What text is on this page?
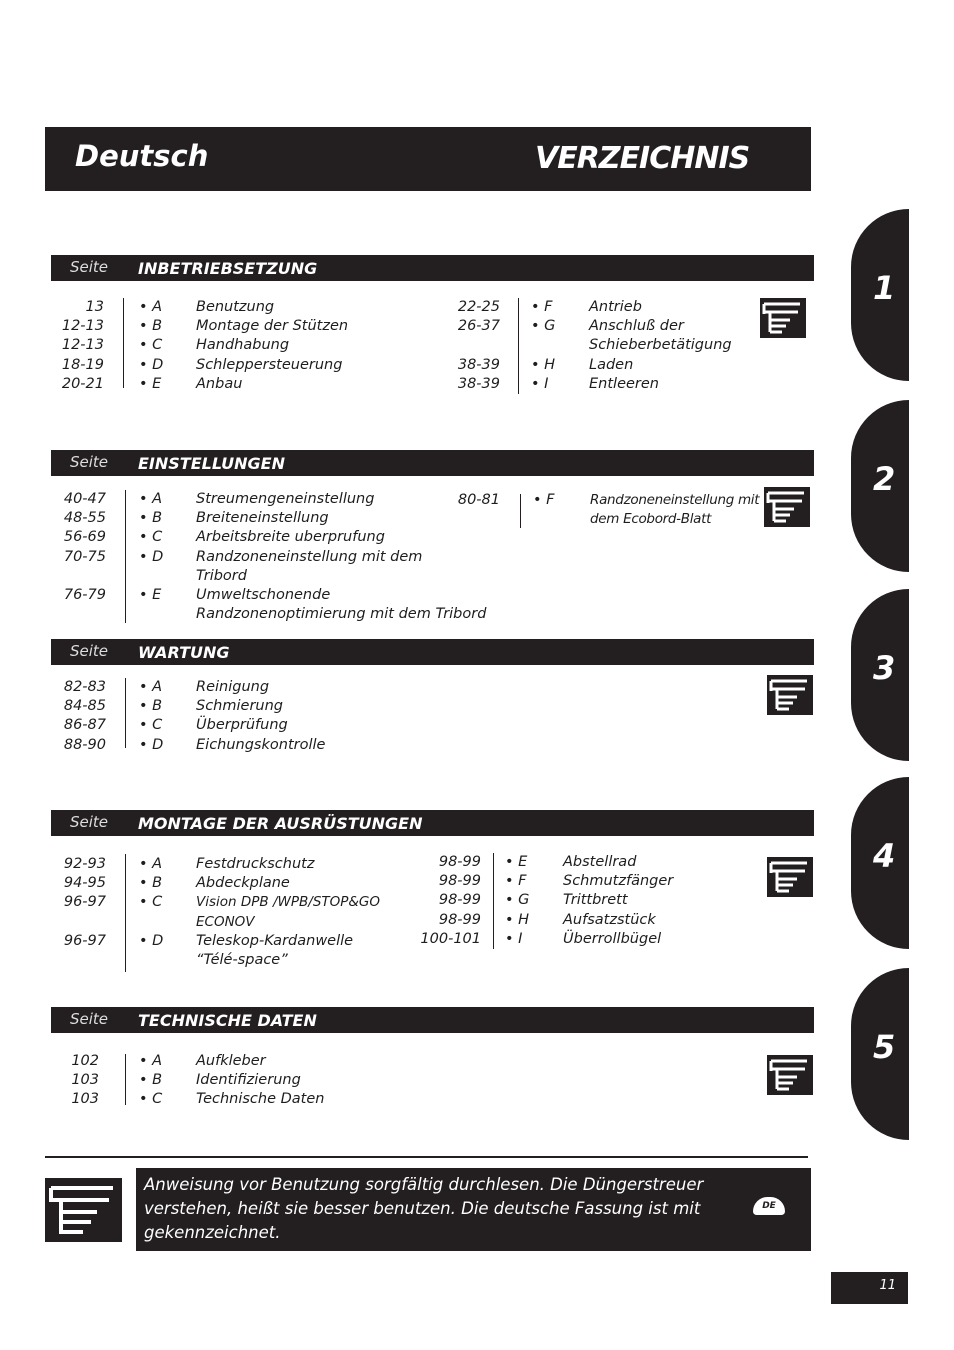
Deutsch	VERZEICHNIS
1
2
3
4
5
Seite INBETRIEBSETZUNG
Seite EINSTELLUNGEN
Seite WARTUNG
Seite MONTAGE DER AUSRÜSTUNGEN
Seite TECHNISCHE DATEN
13 • A Benutzung
12-13 • B Montage der Stützen
12-13 • C Handhabung
18-19 • D Schleppersteuerung
20-21 • E Anbau
22-25 • F	Antrieb
26-37 • G Anschluß der
Schieberbetätigung
38-39 • H Laden
38-39 • I	Entleeren
40-47 • A Streumengeneinstellung
48-55 • B Breiteneinstellung
56-69 • C Arbeitsbreite uberprufung
70-75 • D Randzoneneinstellung mit dem
Tribord
76-79 • E Umweltschonende
Randzonenoptimierung mit dem Tribord
80-81 • F	Randzoneneinstellung mit
dem Ecobord-Blatt
82-83 • A Reinigung
84-85 • B Schmierung
86-87 • C Überprüfung
88-90 • D Eichungskontrolle
92-93 • A Festdruckschutz
94-95 • B Abdeckplane
96-97 • C Vision DPB /WPB/STOP&GO
ECONOV
96-97 • D Teleskop-Kardanwelle
“Télé-space”
98-99 • E Abstellrad
98-99 • F	Schmutzfänger
98-99 • G Trittbrett
98-99 • H Aufsatzstück
100-101 • I	Überrollbügel
102	• A Aufkleber
103	• B Identifizierung
103	• C Technische Daten
Anweisung vor Benutzung sorgfältig durchlesen. Die Düngerstreuer
verstehen, heißt sie besser benutzen. Die deutsche Fassung ist mit
gekennzeichnet.
DE
11
